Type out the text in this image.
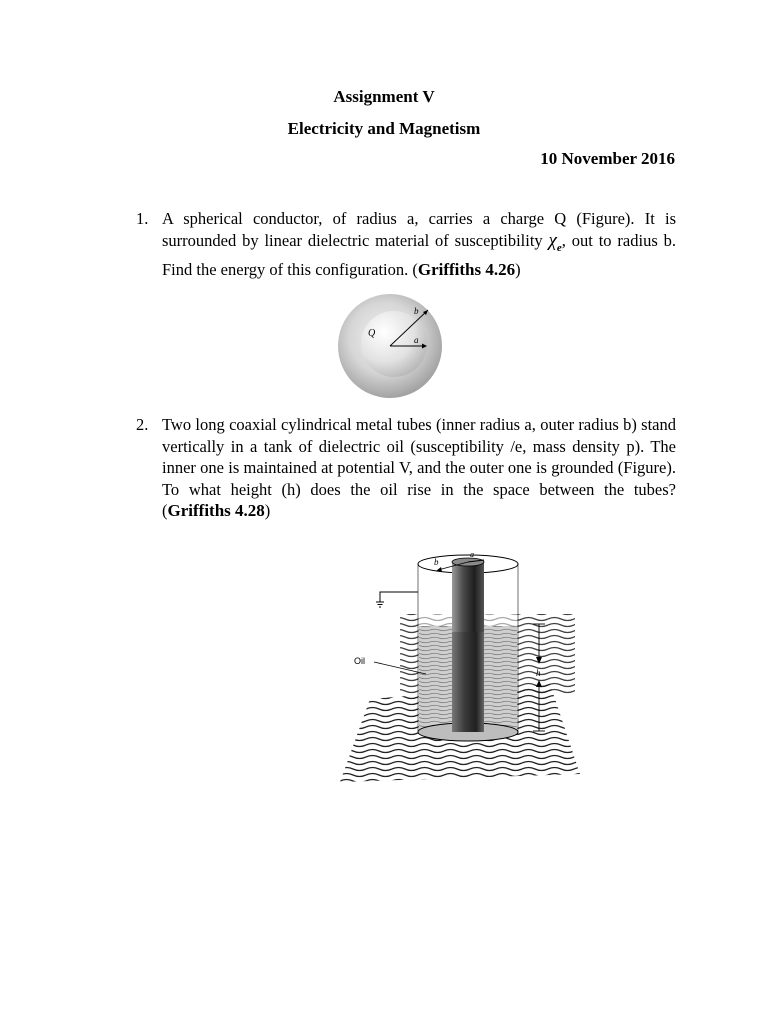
Assignment V
Electricity and Magnetism
10 November 2016
1. A spherical conductor, of radius a, carries a charge Q (Figure). It is surrounded by linear dielectric material of susceptibility $\chi_e$, out to radius b. Find the energy of this configuration. (Griffiths 4.26)
Q
b
a
2. Two long coaxial cylindrical metal tubes (inner radius a, outer radius b) stand vertically in a tank of dielectric oil (susceptibility /e, mass density p). The inner one is maintained at potential V, and the outer one is grounded (Figure). To what height (h) does the oil rise in the space between the tubes? (Griffiths 4.28)
b
a
Oil
h
